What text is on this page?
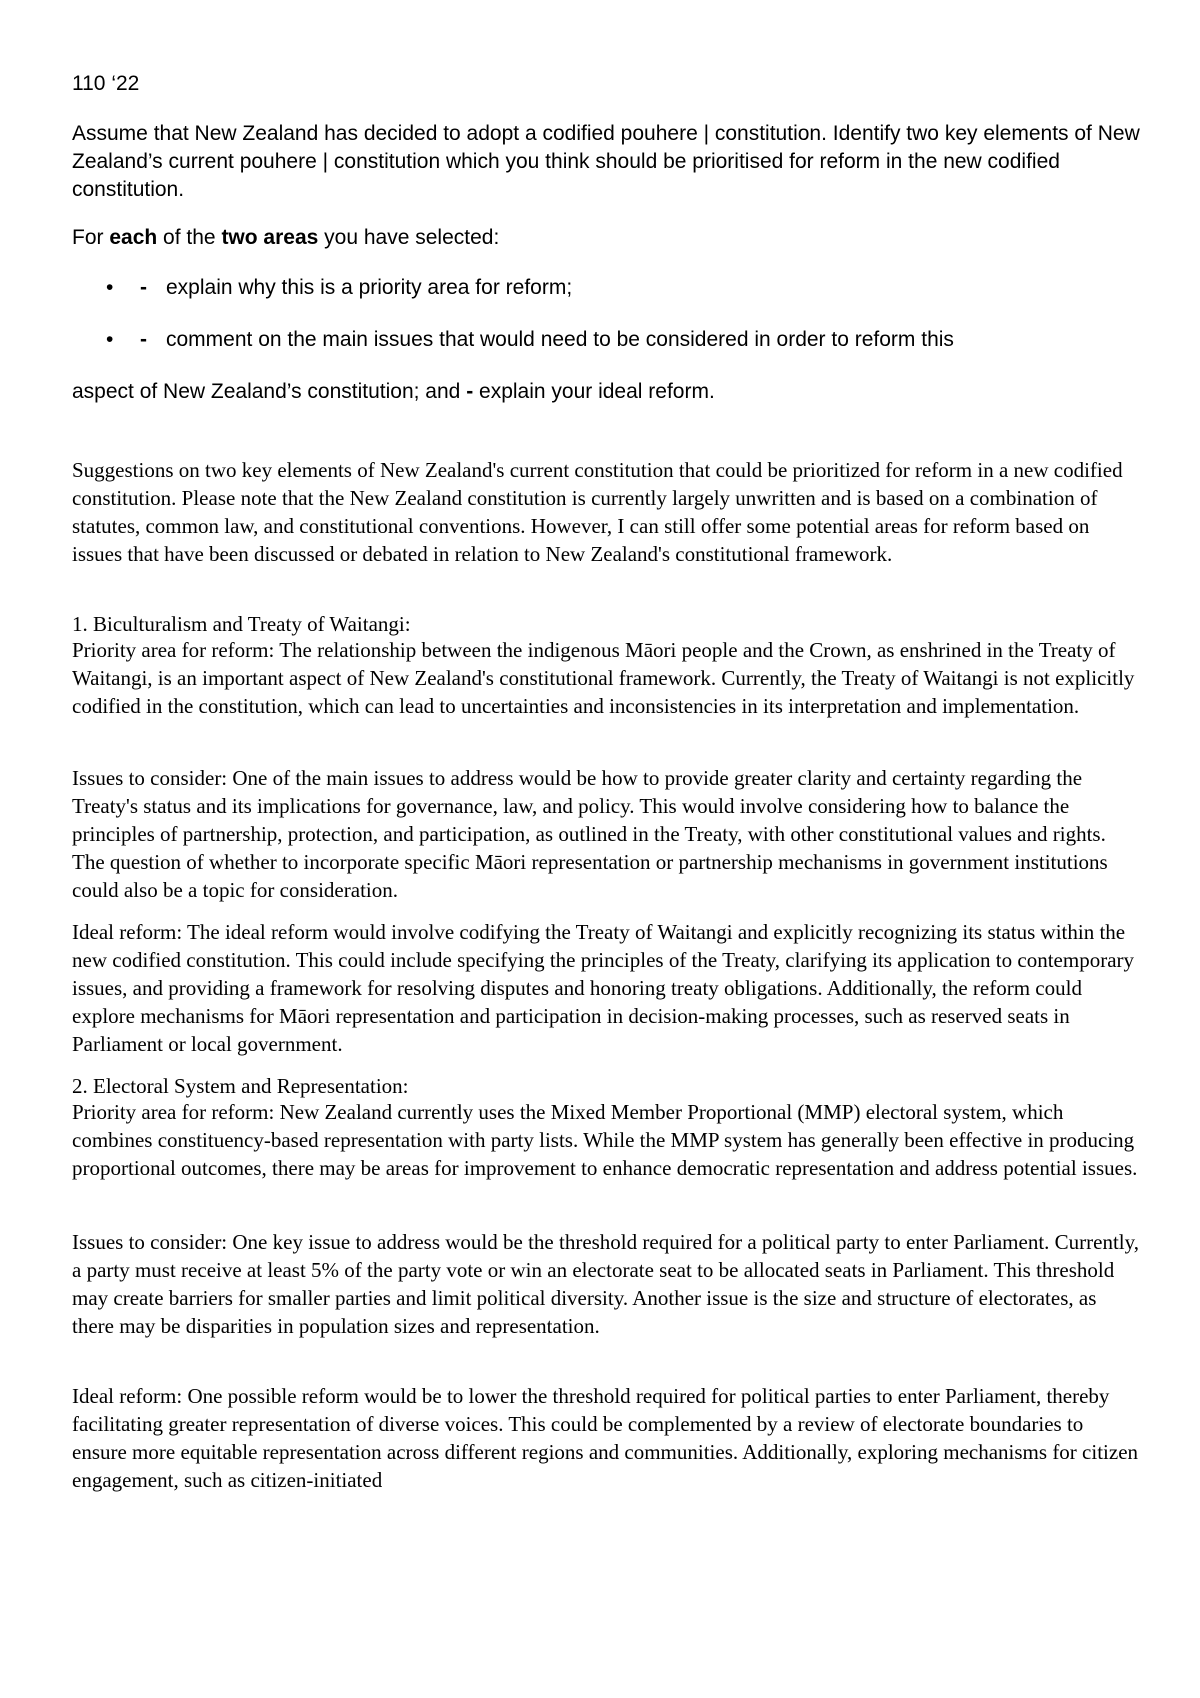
110 ‘22

Assume that New Zealand has decided to adopt a codified pouhere | constitution. Identify two key elements of New Zealand’s current pouhere | constitution which you think should be prioritised for reform in the new codified constitution.

For each of the two areas you have selected:

• - explain why this is a priority area for reform;

• - comment on the main issues that would need to be considered in order to reform this

aspect of New Zealand’s constitution; and - explain your ideal reform.

Suggestions on two key elements of New Zealand's current constitution that could be prioritized for reform in a new codified constitution. Please note that the New Zealand constitution is currently largely unwritten and is based on a combination of statutes, common law, and constitutional conventions. However, I can still offer some potential areas for reform based on issues that have been discussed or debated in relation to New Zealand's constitutional framework.

1. Biculturalism and Treaty of Waitangi:

Priority area for reform: The relationship between the indigenous Māori people and the Crown, as enshrined in the Treaty of Waitangi, is an important aspect of New Zealand's constitutional framework. Currently, the Treaty of Waitangi is not explicitly codified in the constitution, which can lead to uncertainties and inconsistencies in its interpretation and implementation.

Issues to consider: One of the main issues to address would be how to provide greater clarity and certainty regarding the Treaty's status and its implications for governance, law, and policy. This would involve considering how to balance the principles of partnership, protection, and participation, as outlined in the Treaty, with other constitutional values and rights. The question of whether to incorporate specific Māori representation or partnership mechanisms in government institutions could also be a topic for consideration.

Ideal reform: The ideal reform would involve codifying the Treaty of Waitangi and explicitly recognizing its status within the new codified constitution. This could include specifying the principles of the Treaty, clarifying its application to contemporary issues, and providing a framework for resolving disputes and honoring treaty obligations. Additionally, the reform could explore mechanisms for Māori representation and participation in decision-making processes, such as reserved seats in Parliament or local government.

2. Electoral System and Representation:

Priority area for reform: New Zealand currently uses the Mixed Member Proportional (MMP) electoral system, which combines constituency-based representation with party lists. While the MMP system has generally been effective in producing proportional outcomes, there may be areas for improvement to enhance democratic representation and address potential issues.

Issues to consider: One key issue to address would be the threshold required for a political party to enter Parliament. Currently, a party must receive at least 5% of the party vote or win an electorate seat to be allocated seats in Parliament. This threshold may create barriers for smaller parties and limit political diversity. Another issue is the size and structure of electorates, as there may be disparities in population sizes and representation.

Ideal reform: One possible reform would be to lower the threshold required for political parties to enter Parliament, thereby facilitating greater representation of diverse voices. This could be complemented by a review of electorate boundaries to ensure more equitable representation across different regions and communities. Additionally, exploring mechanisms for citizen engagement, such as citizen-initiated
